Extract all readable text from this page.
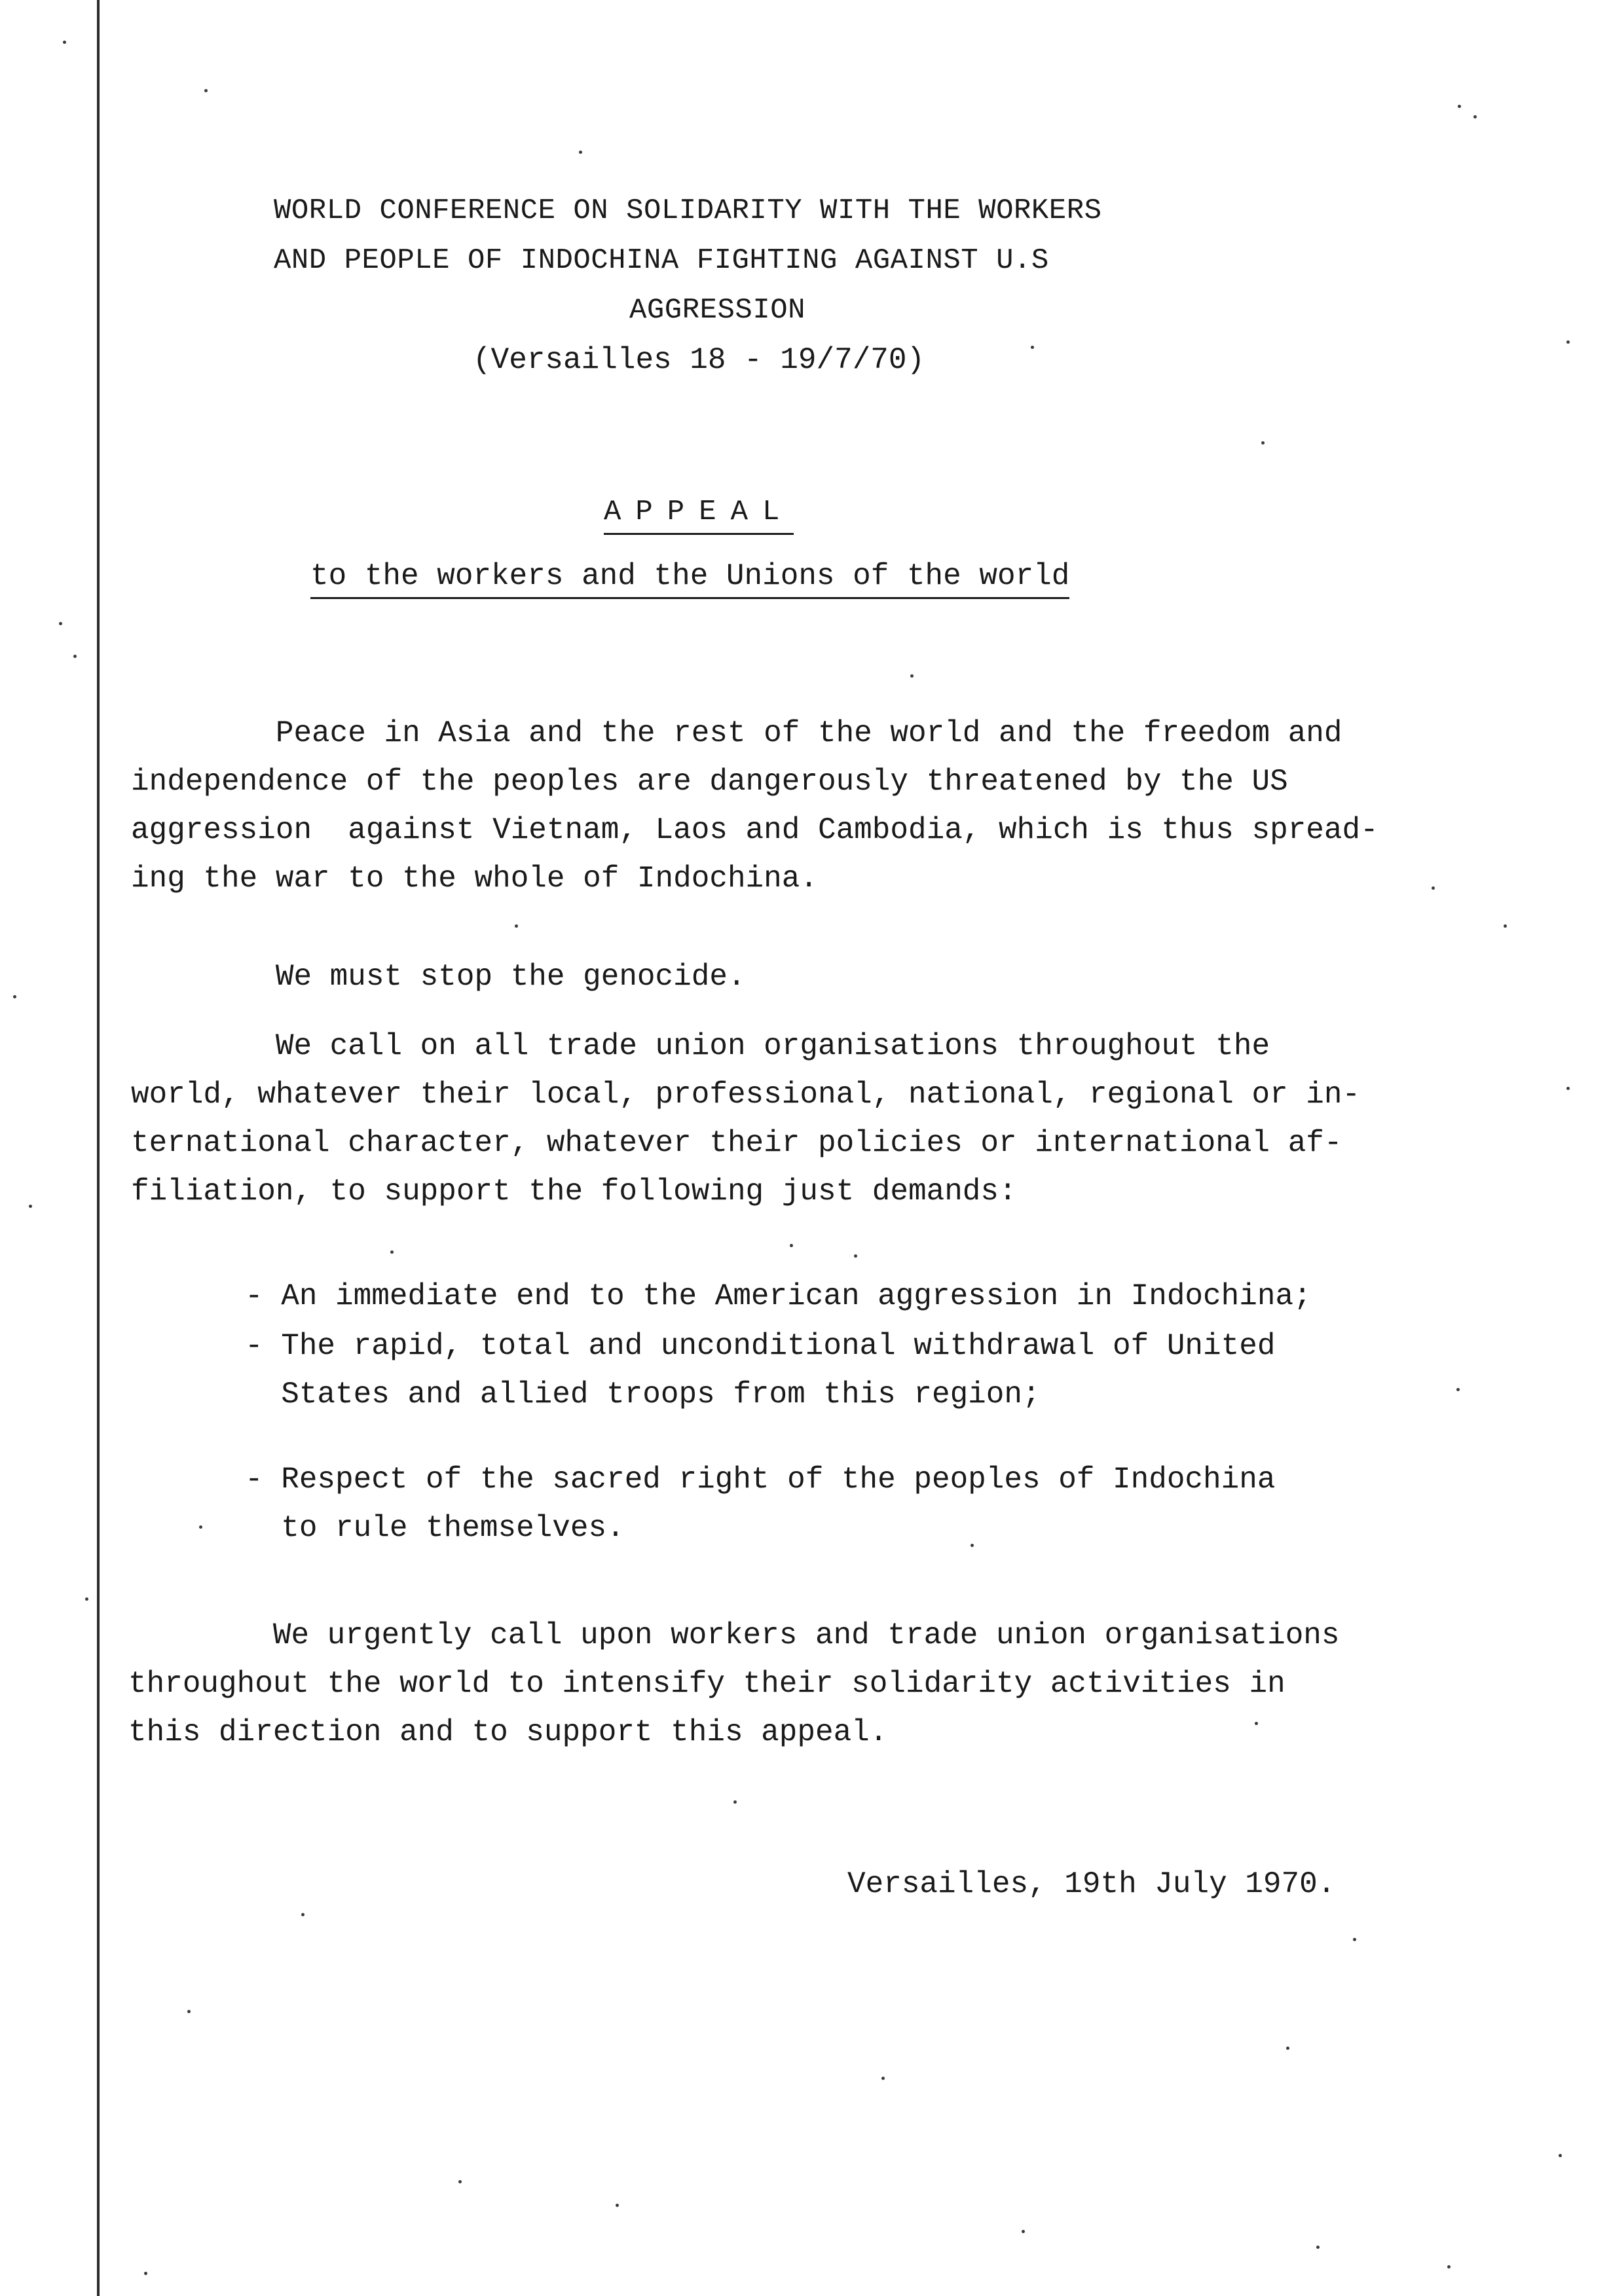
WORLD CONFERENCE ON SOLIDARITY WITH THE WORKERS
AND PEOPLE OF INDOCHINA FIGHTING AGAINST U.S
AGGRESSION
(Versailles 18 - 19/7/70)
APPEAL
to the workers and the Unions of the world
Peace in Asia and the rest of the world and the freedom and
independence of the peoples are dangerously threatened by the US
aggression  against Vietnam, Laos and Cambodia, which is thus spread-
ing the war to the whole of Indochina.
We must stop the genocide.
We call on all trade union organisations throughout the
world, whatever their local, professional, national, regional or in-
ternational character, whatever their policies or international af-
filiation, to support the following just demands:
- An immediate end to the American aggression in Indochina;
- The rapid, total and unconditional withdrawal of United
States and allied troops from this region;
- Respect of the sacred right of the peoples of Indochina
to rule themselves.
We urgently call upon workers and trade union organisations
throughout the world to intensify their solidarity activities in
this direction and to support this appeal.
Versailles, 19th July 1970.
